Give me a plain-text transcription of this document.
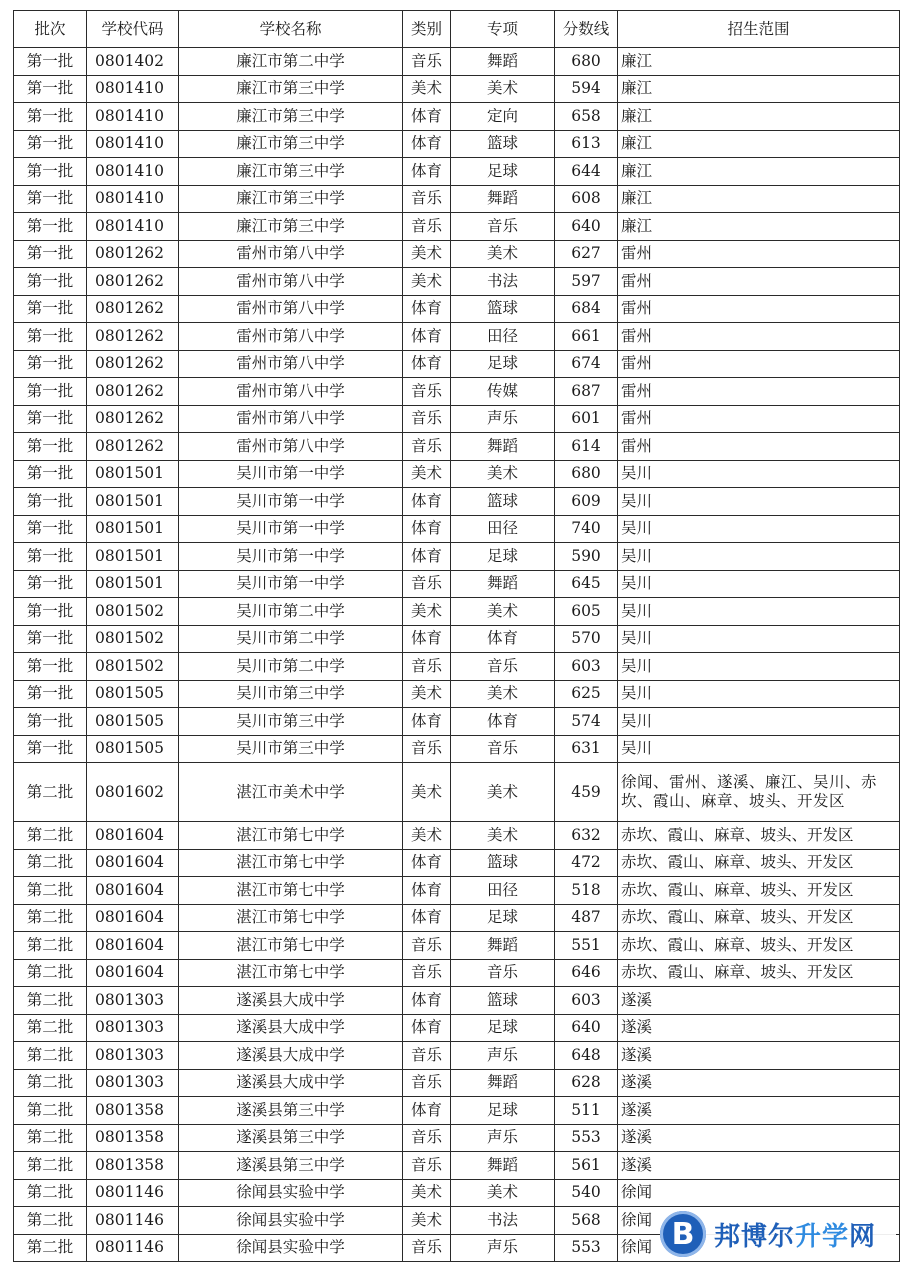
批次	学校代码	学校名称	类别	专项	分数线	招生范围
第一批	0801402	廉江市第二中学	音乐	舞蹈	680	廉江
第一批	0801410	廉江市第三中学	美术	美术	594	廉江
第一批	0801410	廉江市第三中学	体育	定向	658	廉江
第一批	0801410	廉江市第三中学	体育	篮球	613	廉江
第一批	0801410	廉江市第三中学	体育	足球	644	廉江
第一批	0801410	廉江市第三中学	音乐	舞蹈	608	廉江
第一批	0801410	廉江市第三中学	音乐	音乐	640	廉江
第一批	0801262	雷州市第八中学	美术	美术	627	雷州
第一批	0801262	雷州市第八中学	美术	书法	597	雷州
第一批	0801262	雷州市第八中学	体育	篮球	684	雷州
第一批	0801262	雷州市第八中学	体育	田径	661	雷州
第一批	0801262	雷州市第八中学	体育	足球	674	雷州
第一批	0801262	雷州市第八中学	音乐	传媒	687	雷州
第一批	0801262	雷州市第八中学	音乐	声乐	601	雷州
第一批	0801262	雷州市第八中学	音乐	舞蹈	614	雷州
第一批	0801501	吴川市第一中学	美术	美术	680	吴川
第一批	0801501	吴川市第一中学	体育	篮球	609	吴川
第一批	0801501	吴川市第一中学	体育	田径	740	吴川
第一批	0801501	吴川市第一中学	体育	足球	590	吴川
第一批	0801501	吴川市第一中学	音乐	舞蹈	645	吴川
第一批	0801502	吴川市第二中学	美术	美术	605	吴川
第一批	0801502	吴川市第二中学	体育	体育	570	吴川
第一批	0801502	吴川市第二中学	音乐	音乐	603	吴川
第一批	0801505	吴川市第三中学	美术	美术	625	吴川
第一批	0801505	吴川市第三中学	体育	体育	574	吴川
第一批	0801505	吴川市第三中学	音乐	音乐	631	吴川
第二批	0801602	湛江市美术中学	美术	美术	459	徐闻、雷州、遂溪、廉江、吴川、赤坎、霞山、麻章、坡头、开发区
第二批	0801604	湛江市第七中学	美术	美术	632	赤坎、霞山、麻章、坡头、开发区
第二批	0801604	湛江市第七中学	体育	篮球	472	赤坎、霞山、麻章、坡头、开发区
第二批	0801604	湛江市第七中学	体育	田径	518	赤坎、霞山、麻章、坡头、开发区
第二批	0801604	湛江市第七中学	体育	足球	487	赤坎、霞山、麻章、坡头、开发区
第二批	0801604	湛江市第七中学	音乐	舞蹈	551	赤坎、霞山、麻章、坡头、开发区
第二批	0801604	湛江市第七中学	音乐	音乐	646	赤坎、霞山、麻章、坡头、开发区
第二批	0801303	遂溪县大成中学	体育	篮球	603	遂溪
第二批	0801303	遂溪县大成中学	体育	足球	640	遂溪
第二批	0801303	遂溪县大成中学	音乐	声乐	648	遂溪
第二批	0801303	遂溪县大成中学	音乐	舞蹈	628	遂溪
第二批	0801358	遂溪县第三中学	体育	足球	511	遂溪
第二批	0801358	遂溪县第三中学	音乐	声乐	553	遂溪
第二批	0801358	遂溪县第三中学	音乐	舞蹈	561	遂溪
第二批	0801146	徐闻县实验中学	美术	美术	540	徐闻
第二批	0801146	徐闻县实验中学	美术	书法	568	徐闻
第二批	0801146	徐闻县实验中学	音乐	声乐	553	徐闻 B 邦博尔升学网
